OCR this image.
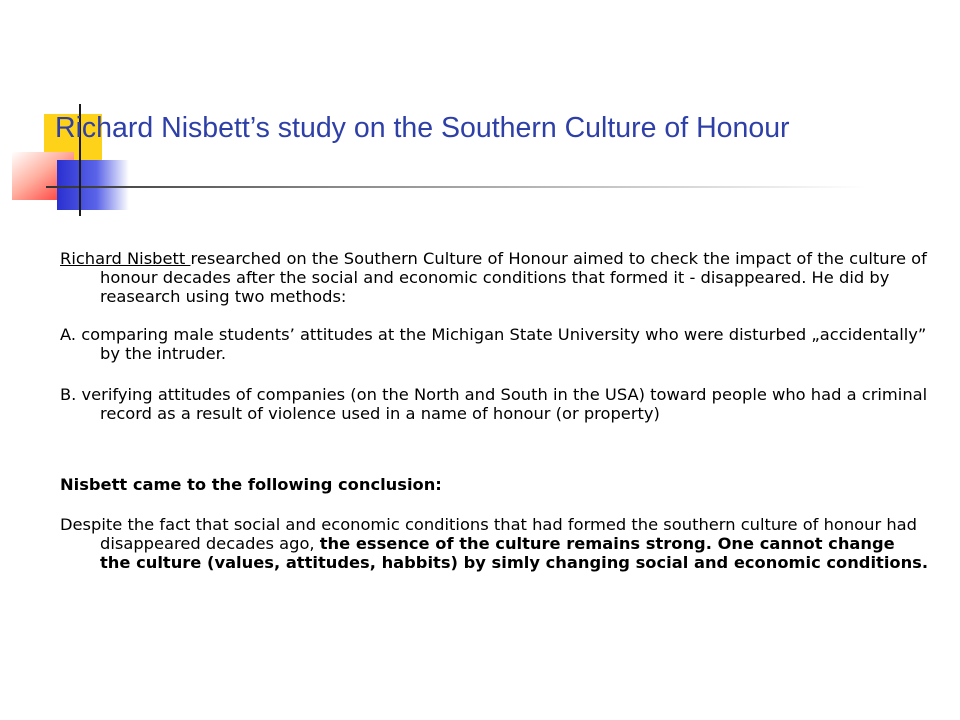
Richard Nisbett’s study on the Southern Culture of Honour

Richard Nisbett researched on the Southern Culture of Honour aimed to check the impact of the culture of honour decades after the social and economic conditions that formed it - disappeared. He did by reasearch using two methods:

A. comparing male students’ attitudes at the Michigan State University who were disturbed „accidentally” by the intruder.

B. verifying attitudes of companies (on the North and South in the USA) toward people who had a criminal record as a result of violence used in a name of honour (or property)

Nisbett came to the following conclusion:

Despite the fact that social and economic conditions that had formed the southern culture of honour had disappeared decades ago, the essence of the culture remains strong. One cannot change the culture (values, attitudes, habbits) by simly changing social and economic conditions.
